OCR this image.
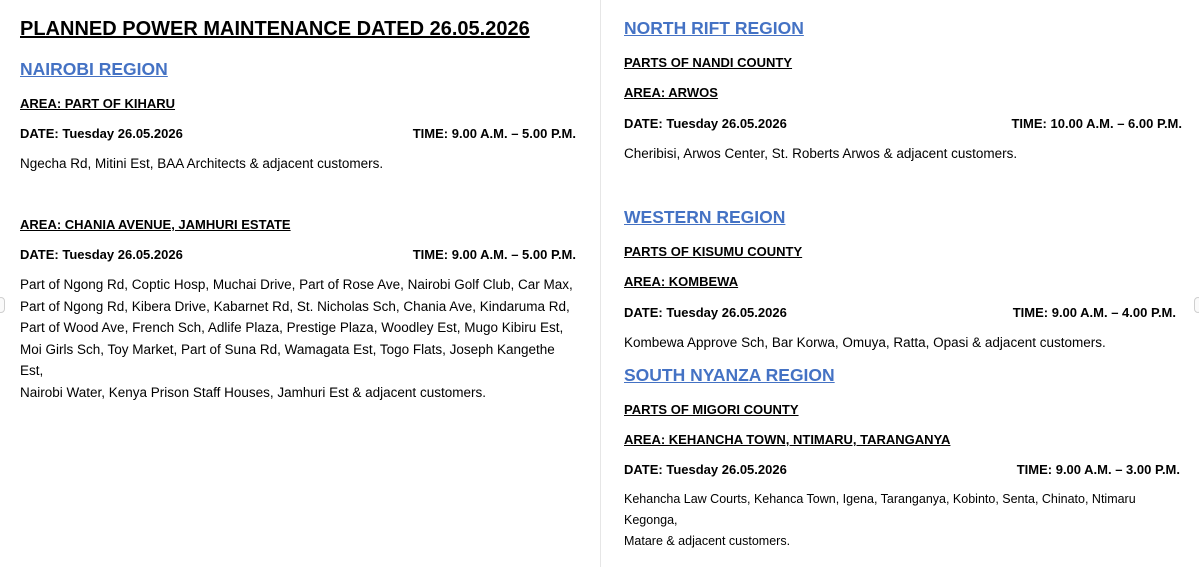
PLANNED POWER MAINTENANCE DATED 26.05.2026
NAIROBI REGION
AREA: PART OF KIHARU
DATE: Tuesday 26.05.2026	TIME: 9.00 A.M. – 5.00 P.M.
Ngecha Rd, Mitini Est, BAA Architects & adjacent customers.
AREA: CHANIA AVENUE, JAMHURI ESTATE
DATE: Tuesday 26.05.2026	TIME: 9.00 A.M. – 5.00 P.M.
Part of Ngong Rd, Coptic Hosp, Muchai Drive, Part of Rose Ave, Nairobi Golf Club, Car Max,
Part of Ngong Rd, Kibera Drive, Kabarnet Rd, St. Nicholas Sch, Chania Ave, Kindaruma Rd,
Part of Wood Ave, French Sch, Adlife Plaza, Prestige Plaza, Woodley Est, Mugo Kibiru Est,
Moi Girls Sch, Toy Market, Part of Suna Rd, Wamagata Est, Togo Flats, Joseph Kangethe Est,
Nairobi Water, Kenya Prison Staff Houses, Jamhuri Est & adjacent customers.
NORTH RIFT REGION
PARTS OF NANDI COUNTY
AREA: ARWOS
DATE: Tuesday 26.05.2026	TIME: 10.00 A.M. – 6.00 P.M.
Cheribisi, Arwos Center, St. Roberts Arwos & adjacent customers.
WESTERN REGION
PARTS OF KISUMU COUNTY
AREA: KOMBEWA
DATE: Tuesday 26.05.2026	TIME: 9.00 A.M. – 4.00 P.M.
Kombewa Approve Sch, Bar Korwa, Omuya, Ratta, Opasi & adjacent customers.
SOUTH NYANZA REGION
PARTS OF MIGORI COUNTY
AREA: KEHANCHA TOWN, NTIMARU, TARANGANYA
DATE: Tuesday 26.05.2026	TIME: 9.00 A.M. – 3.00 P.M.
Kehancha Law Courts, Kehanca Town, Igena, Taranganya, Kobinto, Senta, Chinato, Ntimaru Kegonga,
Matare & adjacent customers.
